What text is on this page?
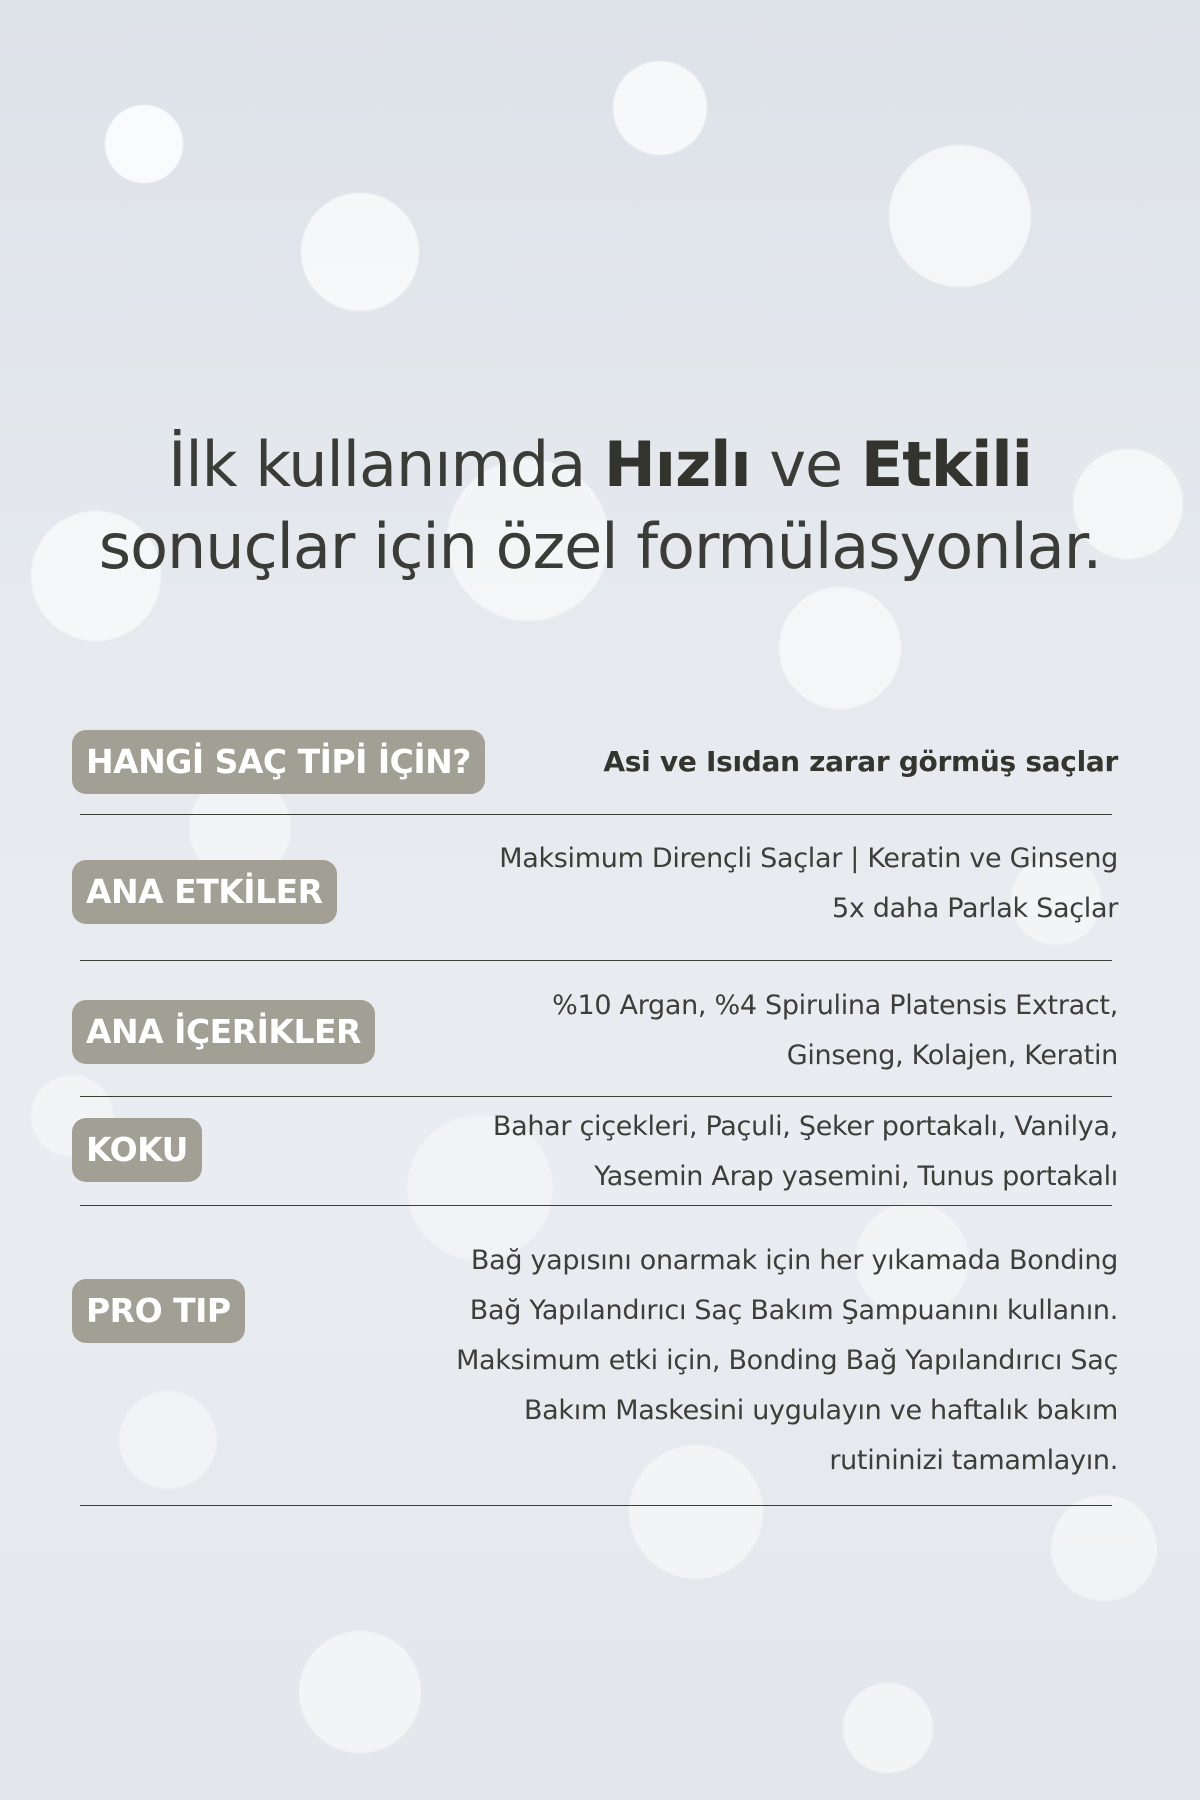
İlk kullanımda Hızlı ve Etkili
sonuçlar için özel formülasyonlar.
HANGİ SAÇ TİPİ İÇİN?	Asi ve Isıdan zarar görmüş saçlar
ANA ETKİLER
Maksimum Dirençli Saçlar | Keratin ve Ginseng
5x daha Parlak Saçlar
ANA İÇERİKLER
%10 Argan, %4 Spirulina Platensis Extract,
Ginseng, Kolajen, Keratin
KOKU
Bahar çiçekleri, Paçuli, Şeker portakalı, Vanilya,
Yasemin Arap yasemini, Tunus portakalı
PRO TIP
Bağ yapısını onarmak için her yıkamada Bonding
Bağ Yapılandırıcı Saç Bakım Şampuanını kullanın.
Maksimum etki için, Bonding Bağ Yapılandırıcı Saç
Bakım Maskesini uygulayın ve haftalık bakım
rutininizi tamamlayın.
